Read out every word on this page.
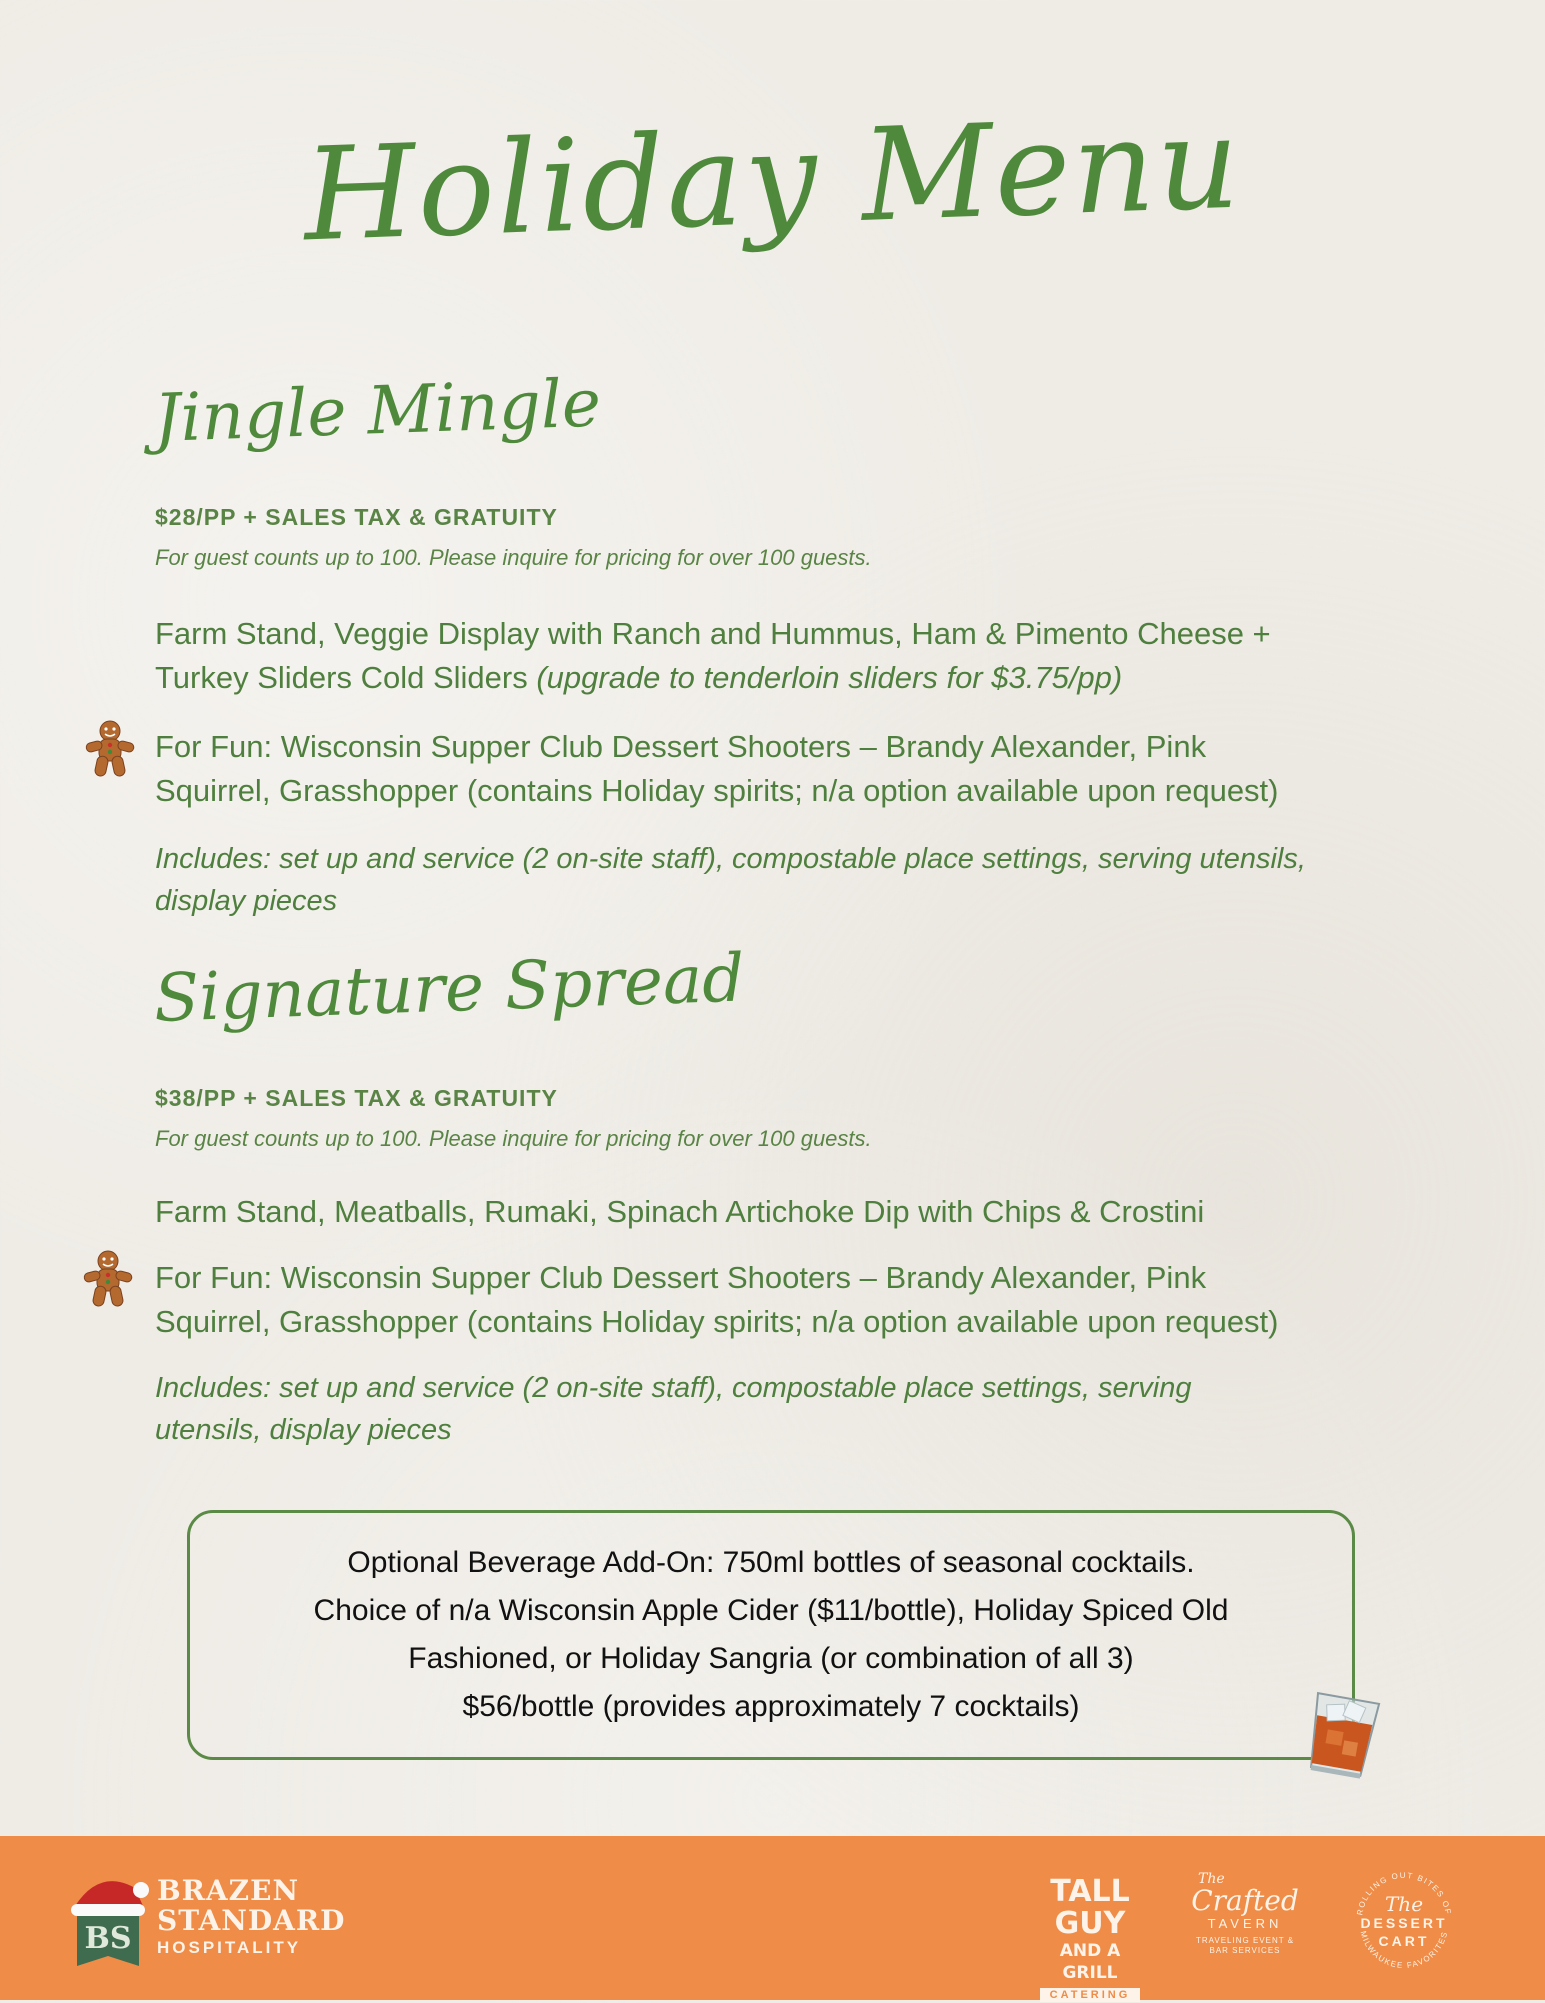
Holiday Menu
Jingle Mingle

$28/PP + SALES TAX & GRATUITY

For guest counts up to 100. Please inquire for pricing for over 100 guests.

Farm Stand, Veggie Display with Ranch and Hummus, Ham & Pimento Cheese +
Turkey Sliders Cold Sliders (upgrade to tenderloin sliders for $3.75/pp)

For Fun: Wisconsin Supper Club Dessert Shooters – Brandy Alexander, Pink
Squirrel, Grasshopper (contains Holiday spirits; n/a option available upon request)

Includes: set up and service (2 on-site staff), compostable place settings, serving utensils,
display pieces

Signature Spread

$38/PP + SALES TAX & GRATUITY

For guest counts up to 100. Please inquire for pricing for over 100 guests.

Farm Stand, Meatballs, Rumaki, Spinach Artichoke Dip with Chips & Crostini

For Fun: Wisconsin Supper Club Dessert Shooters – Brandy Alexander, Pink
Squirrel, Grasshopper (contains Holiday spirits; n/a option available upon request)

Includes: set up and service (2 on-site staff), compostable place settings, serving
utensils, display pieces

Optional Beverage Add-On: 750ml bottles of seasonal cocktails.
Choice of n/a Wisconsin Apple Cider ($11/bottle), Holiday Spiced Old
Fashioned, or Holiday Sangria (or combination of all 3)
$56/bottle (provides approximately 7 cocktails)
BS
BRAZEN
STANDARD
HOSPITALITY
TALL GUY
AND A GRILL
CATERING
The
Crafted
TAVERN
TRAVELING EVENT & BAR SERVICES
ROLLING OUT BITES OF
MILWAUKEE FAVORITES
The
DESSERT
CART
